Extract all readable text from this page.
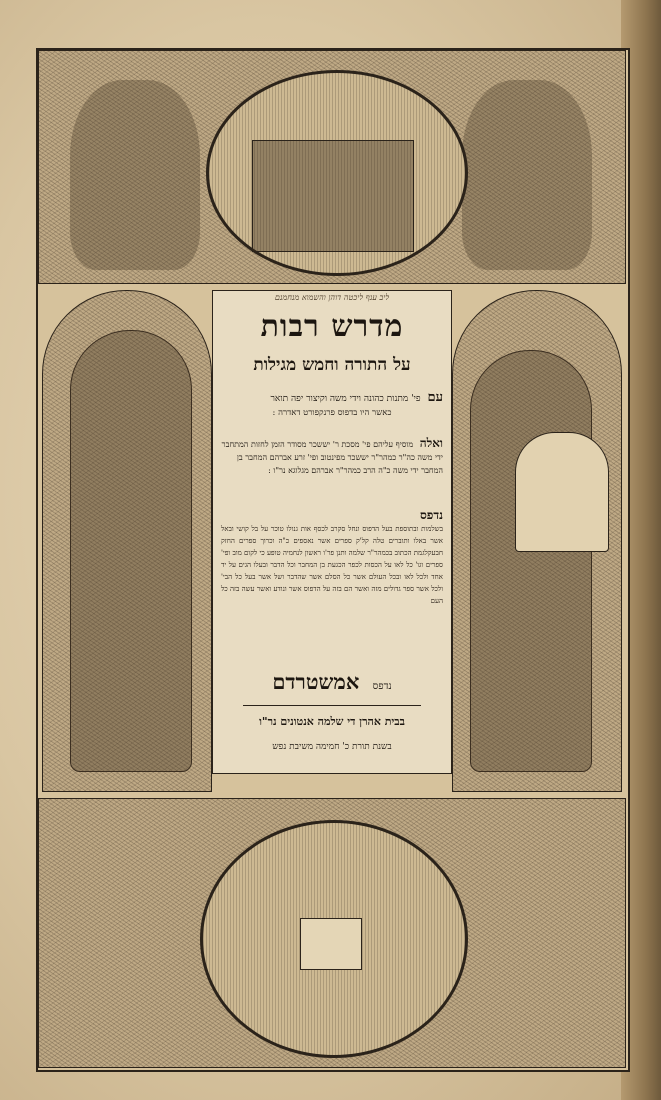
ליב ענף ליכטה דוהן והשמוא מנחמנם
מדרש רבות
על התורה וחמש מגילות
עם פי' מתנות כהונה וידי משה וקיצור יפה תואר
כאשר היו בדפוס פרנקפורט דאדרה :
ואלה מוסיף עליהם פי' מסכת ר' יששכר מסודר הזמן לחזות המתחבר ידי משה כה"ר כמהר"ר יששכר מפינטוב ופי' זרע אברהם המחבר בן המחבר ידי משה כ"ה הרב כמהר"ר אברהם מגלוגא נר"ו :
נדפס
בשלמות ובתוספת בעל הדפוס ונחל סקרב לכסף אות גנולו טוכר על בל קושי ובאל אשר באלו ותוברים טלה קל'ק ספרים אשר נאספים כ"ה וכרוך ספרים החזק חבעקלגמת הכתוב בכמהר"ר שלמה ותנן פר'ו ראשון לנחמיה טופע כי לקום מוב ופי' ספרים וגו' כל לאו על הכסות לכפר הכגעת בן המחבר וכל הדבר ובעלו הגים על יד אחד ולכל לאו ובכל העולם אשר כל הסלם אשר שהדבר ושל אשר בעל כל הבי' ולכל אשר ספר גדולים מזה ואשר הם בזה על הדפוס אשר ונודע ואשר עשה בזה כל העם
נדפס אמשטרדם
בבית אהרן די שלמה אנטונים נר"ו
בשנת תורת כ' חמימה משיבת נפש
